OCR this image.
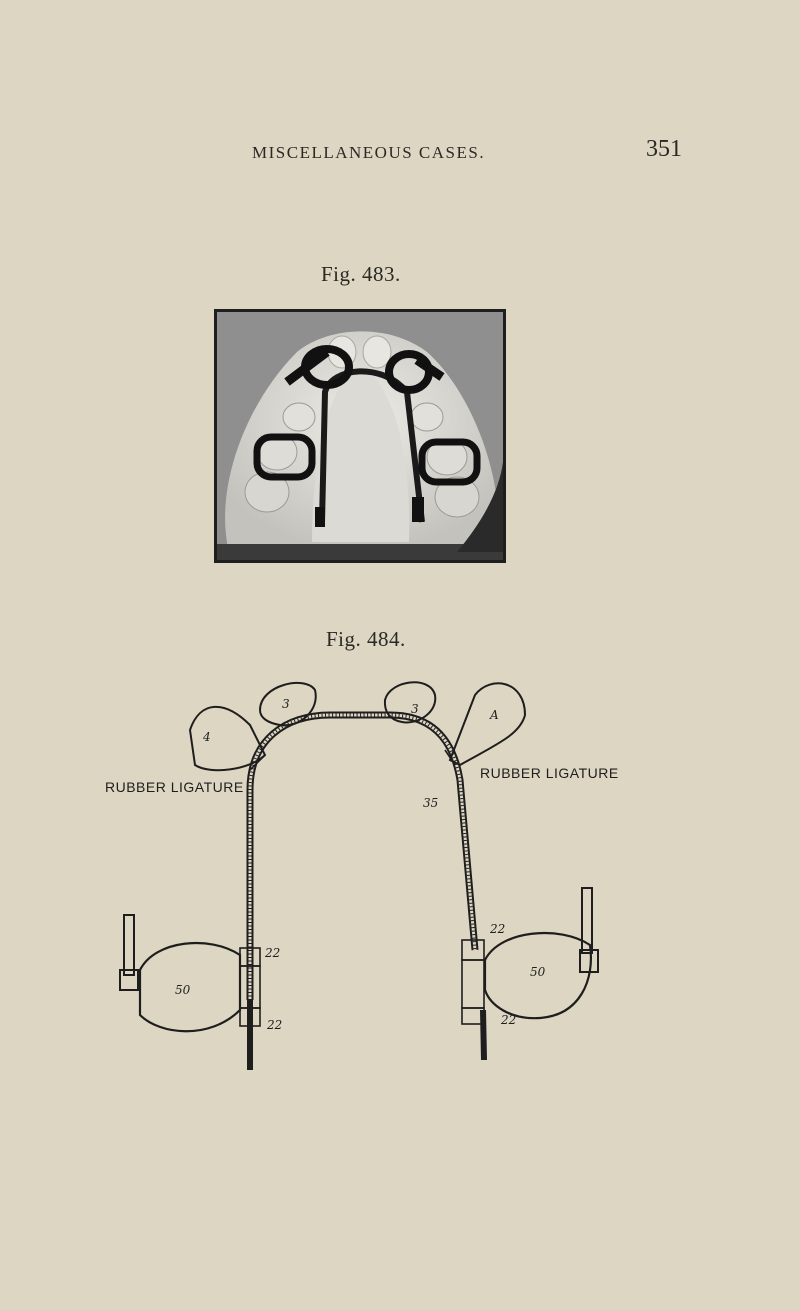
MISCELLANEOUS CASES.	351
Fig. 483.
Fig. 484.
RUBBER LIGATURE
RUBBER LIGATURE
4
3	3	A
50
50
22
22
22
22
35
